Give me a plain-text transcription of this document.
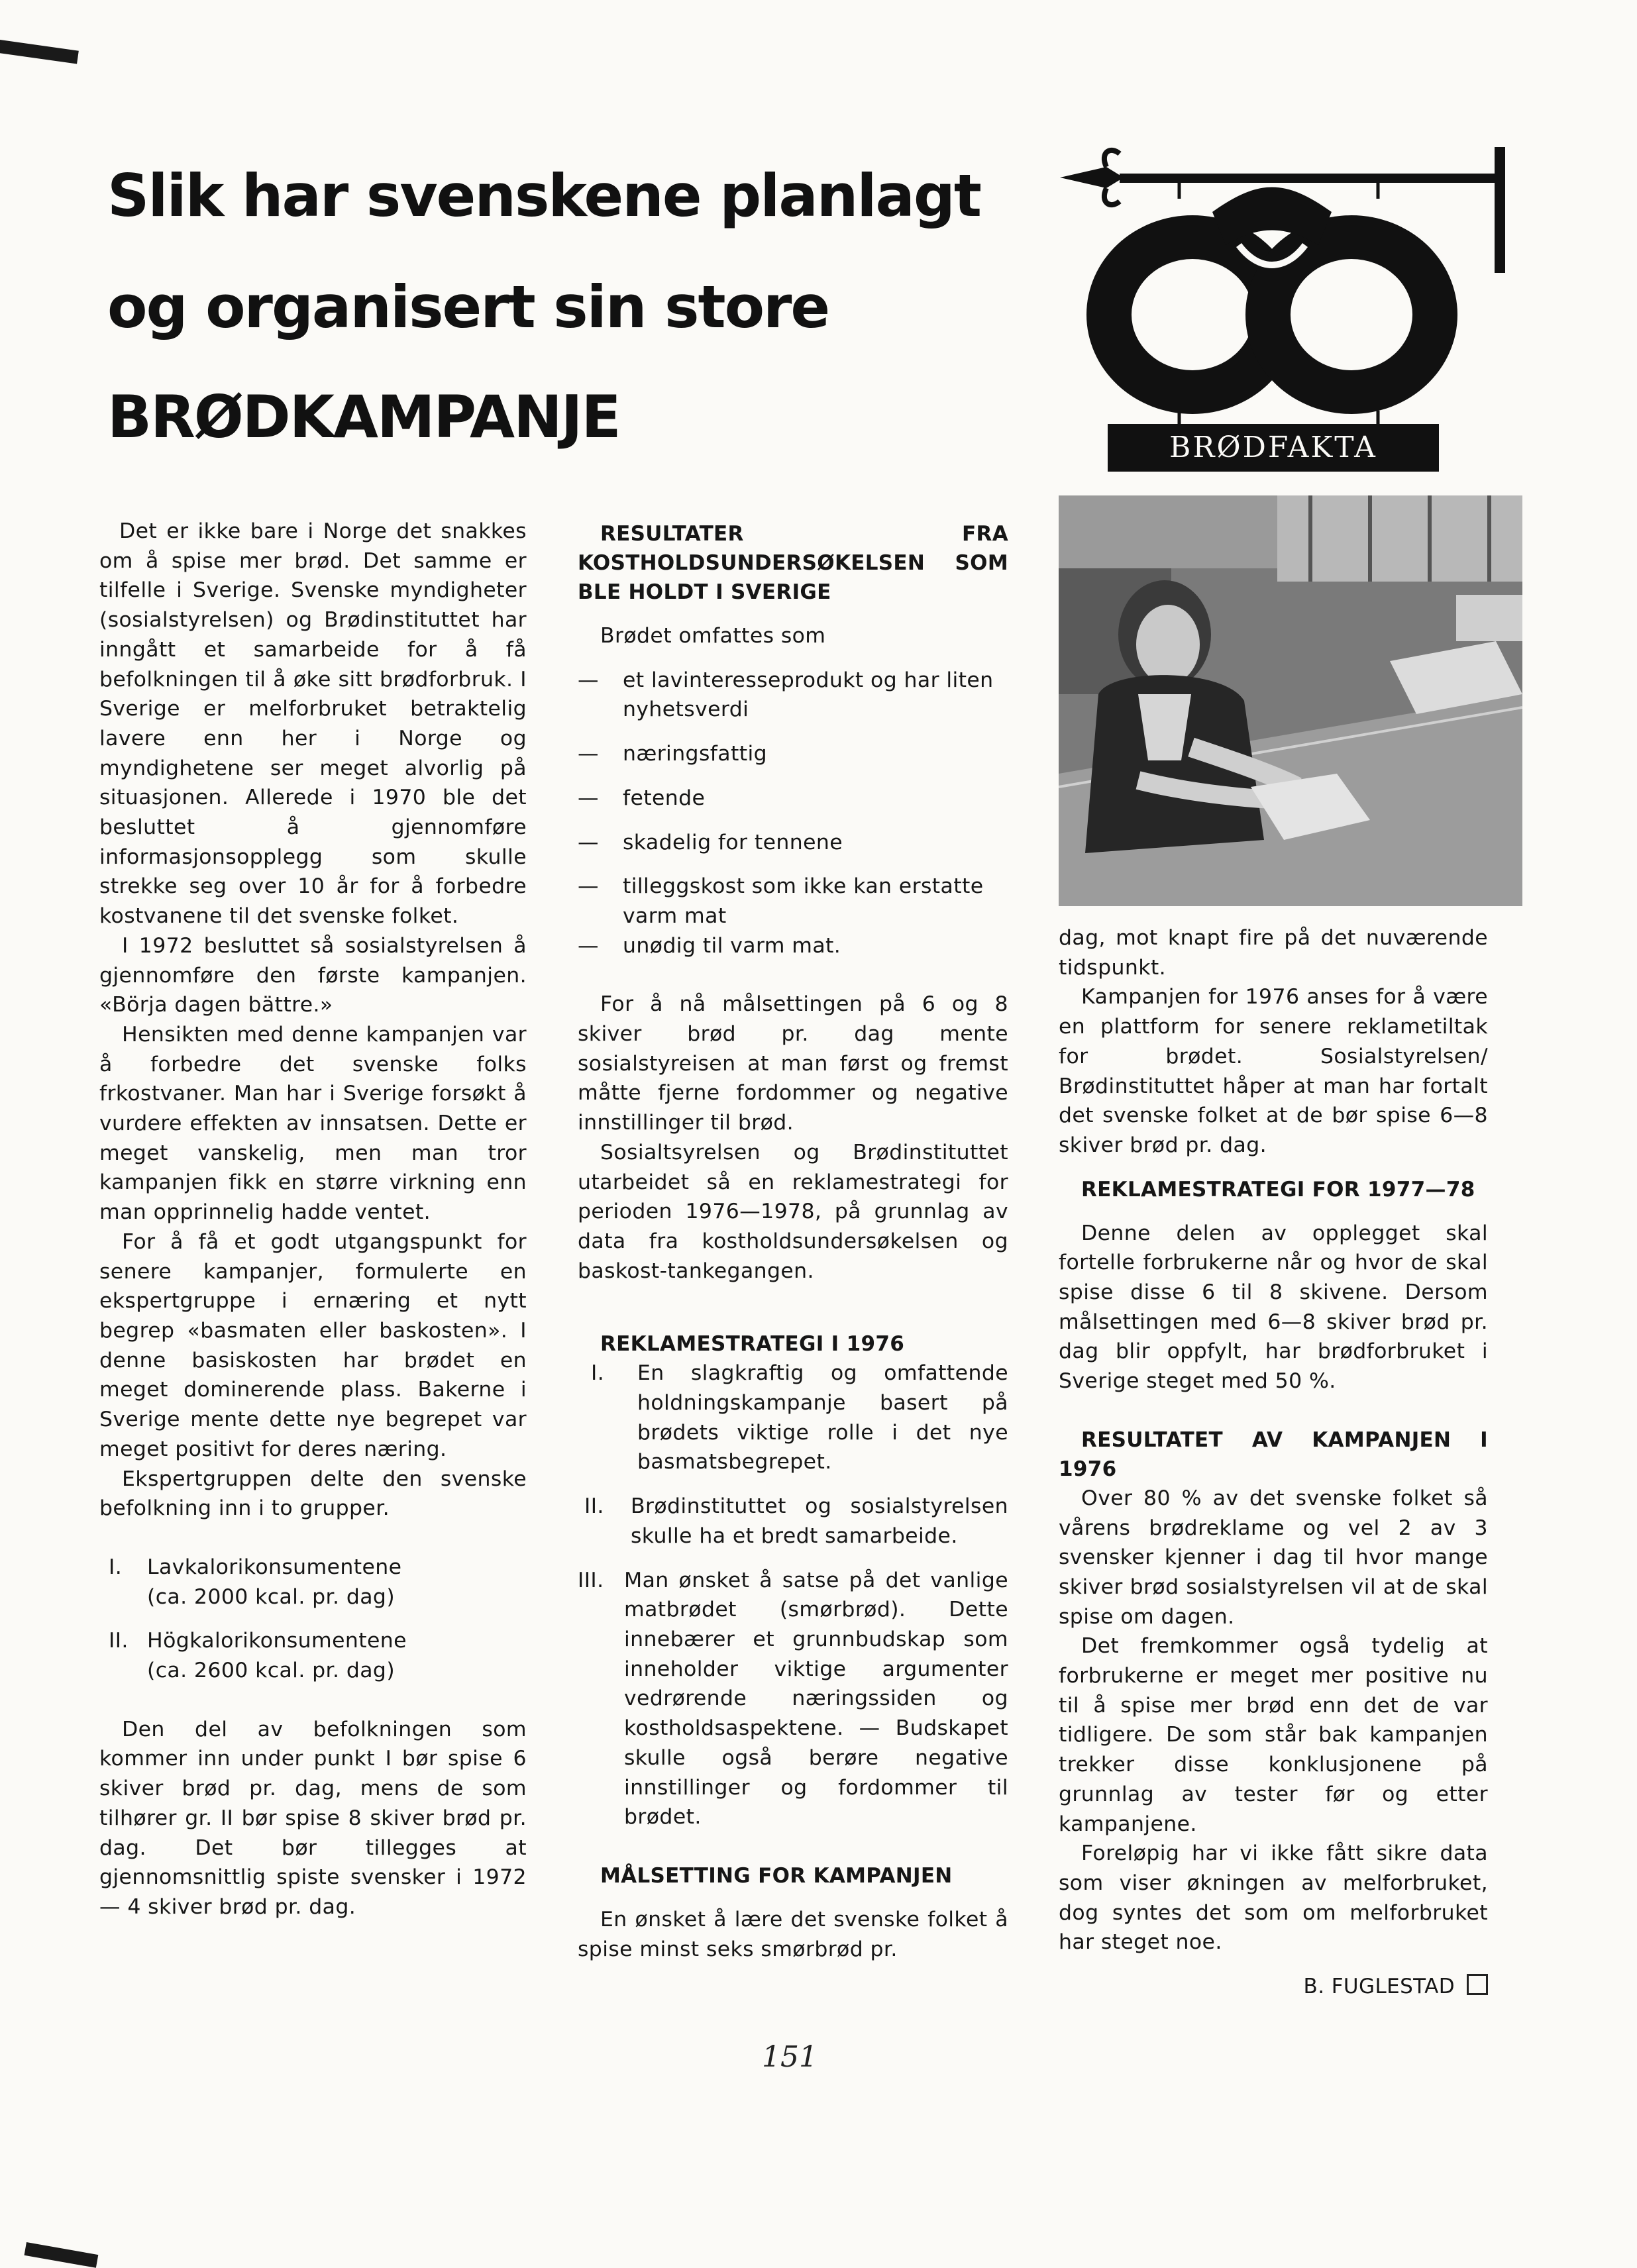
Slik har svenskene planlagt
og organisert sin store
BRØDKAMPANJE	BRØDFAKTA

Det er ikke bare i Norge det snakkes om å spise mer brød. Det samme er tilfelle i Sverige. Svenske myndigheter (sosialstyrelsen) og Brødinstituttet har inngått et samarbeide for å få befolkningen til å øke sitt brødforbruk. I Sverige er melforbruket betraktelig lavere enn her i Norge og myndighetene ser meget alvorlig på situasjonen. Allerede i 1970 ble det besluttet å gjennomføre informasjonsopplegg som skulle strekke seg over 10 år for å forbedre kostvanene til det svenske folket.

I 1972 besluttet så sosialstyrelsen å gjennomføre den første kampanjen. «Börja dagen bättre.»

Hensikten med denne kampanjen var å forbedre det svenske folks frkostvaner. Man har i Sverige forsøkt å vurdere effekten av innsatsen. Dette er meget vanskelig, men man tror kampanjen fikk en større virkning enn man opprinnelig hadde ventet.

For å få et godt utgangspunkt for senere kampanjer, formulerte en ekspertgruppe i ernæring et nytt begrep «basmaten eller baskosten». I denne basiskosten har brødet en meget dominerende plass. Bakerne i Sverige mente dette nye begrepet var meget positivt for deres næring.

Ekspertgruppen delte den svenske befolkning inn i to grupper.

I.	Lavkalorikonsumentene
(ca. 2000 kcal. pr. dag)
II. Högkalorikonsumentene
(ca. 2600 kcal. pr. dag)

Den del av befolkningen som kommer inn under punkt I bør spise 6 skiver brød pr. dag, mens de som tilhører gr. II bør spise 8 skiver brød pr. dag. Det bør tillegges at gjennomsnittlig spiste svensker i 1972 — 4 skiver brød pr. dag.

RESULTATER FRA KOSTHOLDSUNDERSØKELSEN SOM BLE HOLDT I SVERIGE

Brødet omfattes som

—	et lavinteresseprodukt og har liten nyhetsverdi
—	næringsfattig
—	fetende
—	skadelig for tennene
—	tilleggskost som ikke kan erstatte varm mat
—	unødig til varm mat.

For å nå målsettingen på 6 og 8 skiver brød pr. dag mente sosialstyreisen at man først og fremst måtte fjerne fordommer og negative innstillinger til brød.

Sosialtsyrelsen og Brødinstituttet utarbeidet så en reklamestrategi for perioden 1976—1978, på grunnlag av data fra kostholdsundersøkelsen og baskost-tankegangen.

REKLAMESTRATEGI I 1976

I.	En slagkraftig og omfattende holdningskampanje basert på brødets viktige rolle i det nye basmatsbegrepet.
II.	Brødinstituttet og sosialstyrelsen skulle ha et bredt samarbeide.
III. Man ønsket å satse på det vanlige matbrødet (smørbrød). Dette innebærer et grunnbudskap som inneholder viktige argumenter vedrørende næringssiden og kostholdsaspektene. — Budskapet skulle også berøre negative innstillinger og fordommer til brødet.

MÅLSETTING FOR KAMPANJEN

En ønsket å lære det svenske folket å spise minst seks smørbrød pr.

dag, mot knapt fire på det nuværende tidspunkt.

Kampanjen for 1976 anses for å være en plattform for senere reklametiltak for brødet. Sosialstyrelsen/ Brødinstituttet håper at man har fortalt det svenske folket at de bør spise 6—8 skiver brød pr. dag.

REKLAMESTRATEGI FOR 1977—78

Denne delen av opplegget skal fortelle forbrukerne når og hvor de skal spise disse 6 til 8 skivene. Dersom målsettingen med 6—8 skiver brød pr. dag blir oppfylt, har brødforbruket i Sverige steget med 50 %.

RESULTATET AV KAMPANJEN I 1976

Over 80 % av det svenske folket så vårens brødreklame og vel 2 av 3 svensker kjenner i dag til hvor mange skiver brød sosialstyrelsen vil at de skal spise om dagen.

Det fremkommer også tydelig at forbrukerne er meget mer positive nu til å spise mer brød enn det de var tidligere. De som står bak kampanjen trekker disse konklusjonene på grunnlag av tester før og etter kampanjene.

Foreløpig har vi ikke fått sikre data som viser økningen av melforbruket, dog syntes det som om melforbruket har steget noe.

B. FUGLESTAD
151
